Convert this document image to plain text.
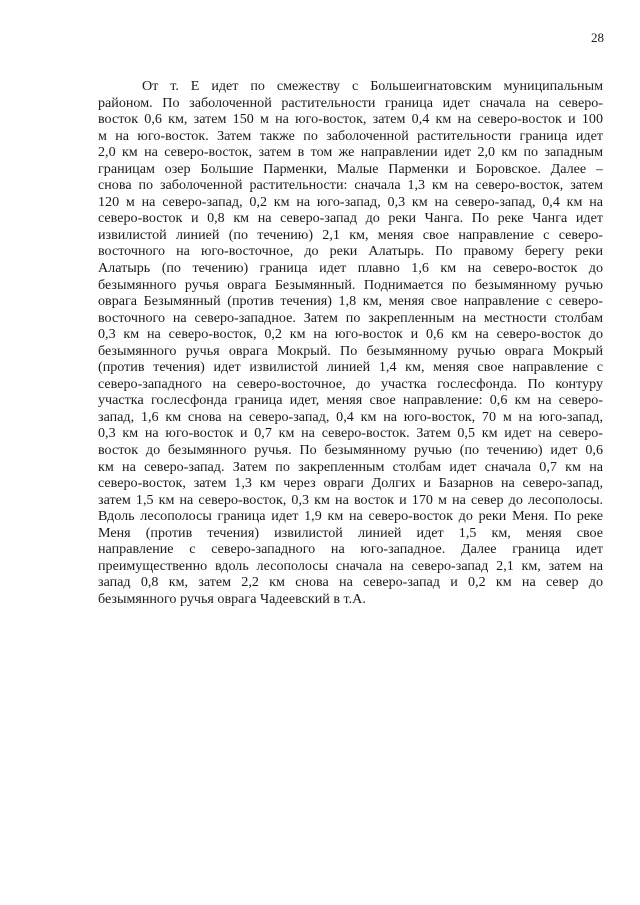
28
От т. Е идет по смежеству с Большеигнатовским муниципальным
районом. По заболоченной растительности граница идет сначала на северо-
восток 0,6 км, затем 150 м на юго-восток, затем 0,4 км на северо-восток и 100
м на юго-восток. Затем также по заболоченной растительности граница идет
2,0 км на северо-восток, затем в том же направлении идет 2,0 км по западным
границам озер Большие Парменки, Малые Парменки и Боровское. Далее –
снова по заболоченной растительности: сначала 1,3 км на северо-восток, затем
120 м на северо-запад, 0,2 км на юго-запад, 0,3 км на северо-запад, 0,4 км на
северо-восток и 0,8 км на северо-запад до реки Чанга. По реке Чанга идет
извилистой линией (по течению) 2,1 км, меняя свое направление с северо-
восточного на юго-восточное, до реки Алатырь. По правому берегу реки
Алатырь (по течению) граница идет плавно 1,6 км на северо-восток до
безымянного ручья оврага Безымянный. Поднимается по безымянному ручью
оврага Безымянный (против течения) 1,8 км, меняя свое направление с северо-
восточного на северо-западное. Затем по закрепленным на местности столбам
0,3 км на северо-восток, 0,2 км на юго-восток и 0,6 км на северо-восток до
безымянного ручья оврага Мокрый. По безымянному ручью оврага Мокрый
(против течения) идет извилистой линией 1,4 км, меняя свое направление с
северо-западного на северо-восточное, до участка гослесфонда. По контуру
участка гослесфонда граница идет, меняя свое направление: 0,6 км на северо-
запад, 1,6 км снова на северо-запад, 0,4 км на юго-восток, 70 м на юго-запад,
0,3 км на юго-восток и 0,7 км на северо-восток. Затем 0,5 км идет на северо-
восток до безымянного ручья. По безымянному ручью (по течению) идет 0,6
км на северо-запад. Затем по закрепленным столбам идет сначала 0,7 км на
северо-восток, затем 1,3 км через овраги Долгих и Базарнов на северо-запад,
затем 1,5 км на северо-восток, 0,3 км на восток и 170 м на север до лесополосы.
Вдоль лесополосы граница идет 1,9 км на северо-восток до реки Меня. По реке
Меня (против течения) извилистой линией идет 1,5 км, меняя свое
направление с северо-западного на юго-западное. Далее граница идет
преимущественно вдоль лесополосы сначала на северо-запад 2,1 км, затем на
запад 0,8 км, затем 2,2 км снова на северо-запад и 0,2 км на север до
безымянного ручья оврага Чадеевский в т.А.
